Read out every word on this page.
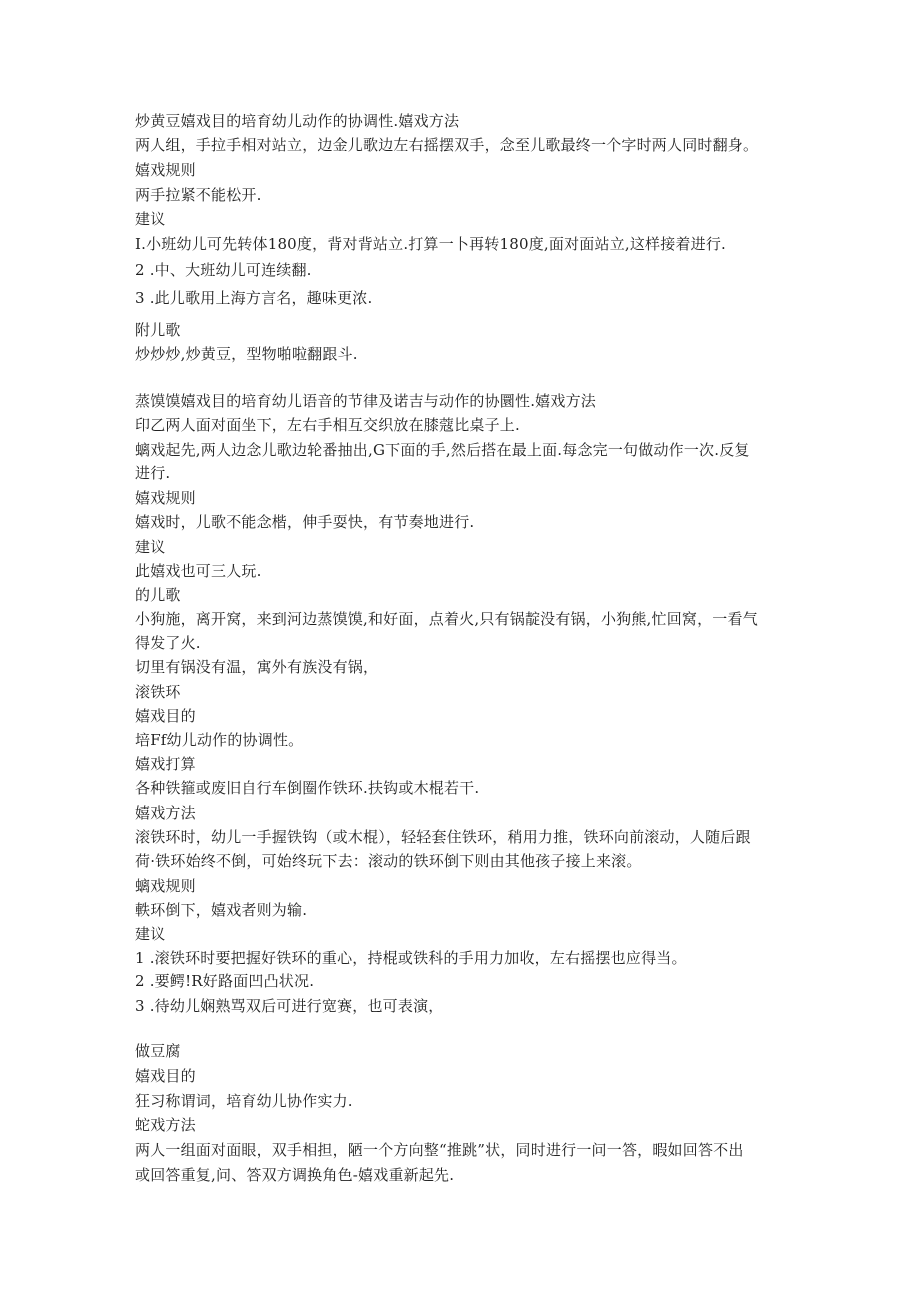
炒黄豆嬉戏目的培育幼儿动作的协调性.嬉戏方法
两人组，手拉手相对站立，边金儿歌边左右摇摆双手，念至儿歌最终一个字时两人同时翻身。
嬉戏规则
两手拉紧不能松开.
建议
I.小班幼儿可先转体180度，背对背站立.打算一卜再转180度,面对面站立,这样接着进行.
2 .中、大班幼儿可连续翻.
3 .此儿歌用上海方言名，趣味更浓.
附儿歌
炒炒炒,炒黄豆，型物啪啦翻跟斗.
蒸馍馍嬉戏目的培育幼儿语音的节律及诺吉与动作的协圜性.嬉戏方法
印乙两人面对面坐下，左右手相互交织放在膝蔻比桌子上.
螭戏起先,两人边念儿歌边轮番抽出,G下面的手,然后搭在最上面.每念完一句做动作一次.反复
进行.
嬉戏规则
嬉戏时，儿歌不能念楷，伸手耍快，有节奏地进行.
建议
此嬉戏也可三人玩.
的儿歌
小狗施，离开窝，来到河边蒸馍馍,和好面，点着火,只有锅靛没有锅，小狗熊,忙回窝，一看气
得发了火.
切里有锅没有温，寓外有族没有锅，
滚铁环
嬉戏目的
培Ff幼儿动作的协调性。
嬉戏打算
各种铁箍或废旧自行车倒圈作铁环.扶钩或木棍若干.
嬉戏方法
滚铁环时，幼儿一手握铁钩（或木棍），轻轻套住铁环，稍用力推，铁环向前滚动，人随后跟
荷·铁环始终不倒，可始终玩下去：滚动的铁环倒下则由其他孩子接上来滚。
螭戏规则
軼环倒下，嬉戏者则为输.
建议
1 .滚铁环时要把握好铁环的重心，持棍或铁科的手用力加收，左右摇摆也应得当。
2 .要鳄!R好路面凹凸状况.
3 .待幼儿娴熟骂双后可进行宽赛，也可表演，
做豆腐
嬉戏目的
狂习称谓词，培育幼儿协作实力.
蛇戏方法
两人一组面对面眼，双手相担，陋一个方向整“推跳”状，同时进行一问一答，暇如回答不出
或回答重复,问、答双方调换角色-嬉戏重新起先.
